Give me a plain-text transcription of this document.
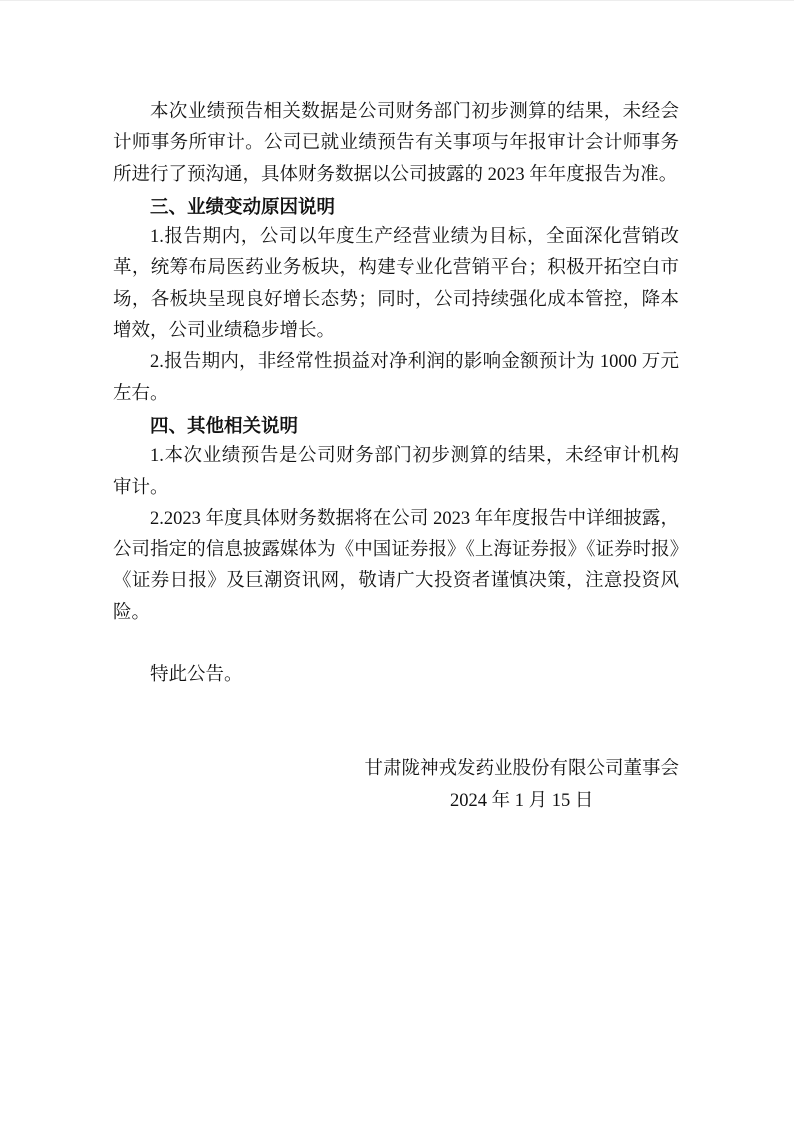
本次业绩预告相关数据是公司财务部门初步测算的结果，未经会计师事务所审计。公司已就业绩预告有关事项与年报审计会计师事务所进行了预沟通，具体财务数据以公司披露的 2023 年年度报告为准。

三、业绩变动原因说明

1.报告期内，公司以年度生产经营业绩为目标，全面深化营销改革，统筹布局医药业务板块，构建专业化营销平台；积极开拓空白市场，各板块呈现良好增长态势；同时，公司持续强化成本管控，降本增效，公司业绩稳步增长。

2.报告期内，非经常性损益对净利润的影响金额预计为 1000 万元左右。

四、其他相关说明

1.本次业绩预告是公司财务部门初步测算的结果，未经审计机构审计。

2.2023 年度具体财务数据将在公司 2023 年年度报告中详细披露，公司指定的信息披露媒体为《中国证券报》《上海证券报》《证券时报》《证券日报》及巨潮资讯网，敬请广大投资者谨慎决策，注意投资风险。

特此公告。

甘肃陇神戎发药业股份有限公司董事会

2024 年 1 月 15 日
